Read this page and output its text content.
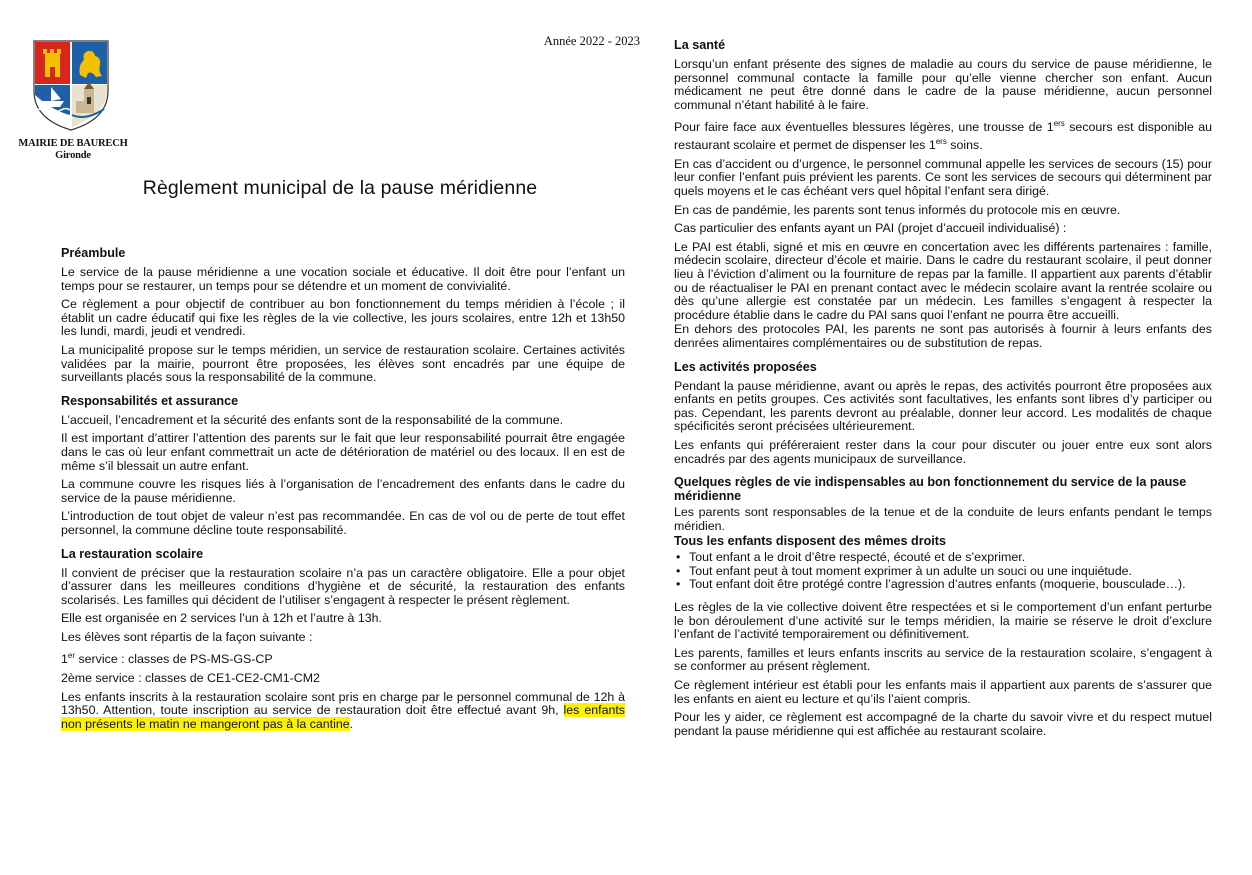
MAIRIE DE BAURECH
Gironde
Année 2022 - 2023
Règlement municipal de la pause méridienne
Préambule

Le service de la pause méridienne a une vocation sociale et éducative. Il doit être pour l’enfant un temps pour se restaurer, un temps pour se détendre et un moment de convivialité.

Ce règlement a pour objectif de contribuer au bon fonctionnement du temps méridien à l’école ; il établit un cadre éducatif qui fixe les règles de la vie collective, les jours scolaires, entre 12h et 13h50 les lundi, mardi, jeudi et vendredi.

La municipalité propose sur le temps méridien, un service de restauration scolaire. Certaines activités validées par la mairie, pourront être proposées, les élèves sont encadrés par une équipe de surveillants placés sous la responsabilité de la commune.

Responsabilités et assurance

L’accueil, l’encadrement et la sécurité des enfants sont de la responsabilité de la commune.

Il est important d’attirer l’attention des parents sur le fait que leur responsabilité pourrait être engagée dans le cas où leur enfant commettrait un acte de détérioration de matériel ou des locaux. Il en est de même s’il blessait un autre enfant.

La commune couvre les risques liés à l’organisation de l’encadrement des enfants dans le cadre du service de la pause méridienne.

L’introduction de tout objet de valeur n’est pas recommandée. En cas de vol ou de perte de tout effet personnel, la commune décline toute responsabilité.

La restauration scolaire

Il convient de préciser que la restauration scolaire n’a pas un caractère obligatoire. Elle a pour objet d’assurer dans les meilleures conditions d’hygiène et de sécurité, la restauration des enfants scolarisés. Les familles qui décident de l’utiliser s’engagent à respecter le présent règlement.

Elle est organisée en 2 services l’un à 12h et l’autre à 13h.

Les élèves sont répartis de la façon suivante :

1er service : classes de PS-MS-GS-CP

2ème service : classes de CE1-CE2-CM1-CM2

Les enfants inscrits à la restauration scolaire sont pris en charge par le personnel communal de 12h à 13h50. Attention, toute inscription au service de restauration doit être effectué avant 9h, les enfants non présents le matin ne mangeront pas à la cantine.

La santé

Lorsqu’un enfant présente des signes de maladie au cours du service de pause méridienne, le personnel communal contacte la famille pour qu’elle vienne chercher son enfant. Aucun médicament ne peut être donné dans le cadre de la pause méridienne, aucun personnel communal n’étant habilité à le faire.

Pour faire face aux éventuelles blessures légères, une trousse de 1ers secours est disponible au restaurant scolaire et permet de dispenser les 1ers soins.

En cas d’accident ou d’urgence, le personnel communal appelle les services de secours (15) pour leur confier l’enfant puis prévient les parents. Ce sont les services de secours qui déterminent par quels moyens et le cas échéant vers quel hôpital l’enfant sera dirigé.

En cas de pandémie, les parents sont tenus informés du protocole mis en œuvre.

Cas particulier des enfants ayant un PAI (projet d’accueil individualisé) :

Le PAI est établi, signé et mis en œuvre en concertation avec les différents partenaires : famille, médecin scolaire, directeur d’école et mairie. Dans le cadre du restaurant scolaire, il peut donner lieu à l’éviction d’aliment ou la fourniture de repas par la famille. Il appartient aux parents d’établir ou de réactualiser le PAI en prenant contact avec le médecin scolaire avant la rentrée scolaire ou dès qu’une allergie est constatée par un médecin. Les familles s’engagent à respecter la procédure établie dans le cadre du PAI sans quoi l’enfant ne pourra être accueilli.

En dehors des protocoles PAI, les parents ne sont pas autorisés à fournir à leurs enfants des denrées alimentaires complémentaires ou de substitution de repas.

Les activités proposées

Pendant la pause méridienne, avant ou après le repas, des activités pourront être proposées aux enfants en petits groupes. Ces activités sont facultatives, les enfants sont libres d’y participer ou pas. Cependant, les parents devront au préalable, donner leur accord. Les modalités de chaque spécificités seront précisées ultérieurement.

Les enfants qui préféreraient rester dans la cour pour discuter ou jouer entre eux sont alors encadrés par des agents municipaux de surveillance.

Quelques règles de vie indispensables au bon fonctionnement du service de la pause méridienne

Les parents sont responsables de la tenue et de la conduite de leurs enfants pendant le temps méridien.

Tous les enfants disposent des mêmes droits
• Tout enfant a le droit d’être respecté, écouté et de s’exprimer.
• Tout enfant peut à tout moment exprimer à un adulte un souci ou une inquiétude.
• Tout enfant doit être protégé contre l’agression d’autres enfants (moquerie, bousculade…).

Les règles de la vie collective doivent être respectées et si le comportement d’un enfant perturbe le bon déroulement d’une activité sur le temps méridien, la mairie se réserve le droit d’exclure l’enfant de l’activité temporairement ou définitivement.

Les parents, familles et leurs enfants inscrits au service de la restauration scolaire, s’engagent à se conformer au présent règlement.

Ce règlement intérieur est établi pour les enfants mais il appartient aux parents de s’assurer que les enfants en aient eu lecture et qu’ils l’aient compris.

Pour les y aider, ce règlement est accompagné de la charte du savoir vivre et du respect mutuel pendant la pause méridienne qui est affichée au restaurant scolaire.
